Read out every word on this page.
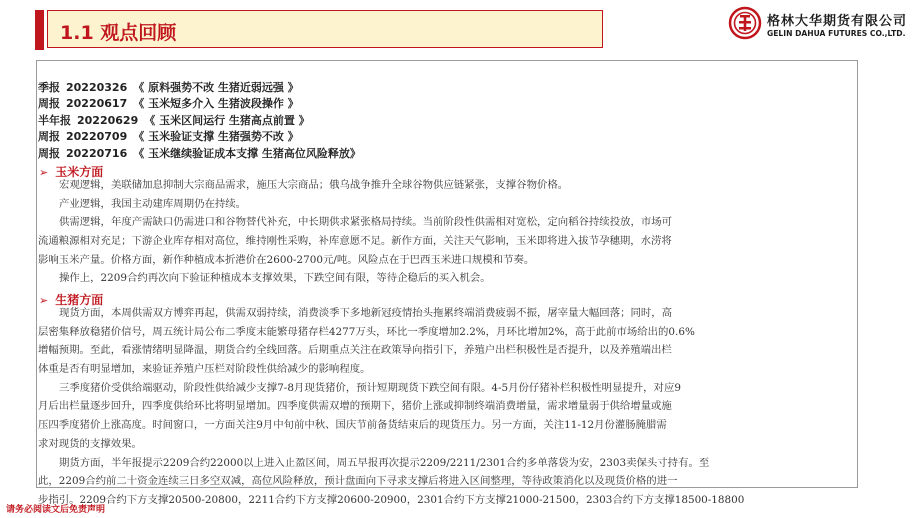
1.1 观点回顾
格林大华期货有限公司
GELIN DAHUA FUTURES CO.,LTD.
季报 20220326 《 原料强势不改 生猪近弱远强 》
周报 20220617 《 玉米短多介入 生猪波段操作 》
半年报 20220629 《 玉米区间运行 生猪高点前置 》
周报 20220709 《 玉米验证支撑 生猪强势不改 》
周报 20220716 《 玉米继续验证成本支撑 生猪高位风险释放》
➢ 玉米方面

宏观逻辑，美联储加息抑制大宗商品需求，施压大宗商品；俄乌战争推升全球谷物供应链紧张，支撑谷物价格。

产业逻辑，我国主动建库周期仍在持续。

供需逻辑，年度产需缺口仍需进口和谷物替代补充，中长期供求紧张格局持续。当前阶段性供需相对宽松，定向稻谷持续投放，市场可

流通粮源相对充足；下游企业库存相对高位，维持刚性采购，补库意愿不足。新作方面，关注天气影响，玉米即将进入拔节孕穗期，水涝将

影响玉米产量。价格方面，新作种植成本折港价在2600-2700元/吨。风险点在于巴西玉米进口规模和节奏。

操作上，2209合约再次向下验证种植成本支撑效果，下跌空间有限，等待企稳后的买入机会。

➢ 生猪方面

现货方面，本周供需双方博弈再起，供需双弱持续，消费淡季下多地新冠疫情抬头拖累终端消费疲弱不振，屠宰量大幅回落；同时，高

层密集释放稳猪价信号，周五统计局公布二季度末能繁母猪存栏4277万头，环比一季度增加2.2%，月环比增加2%，高于此前市场给出的0.6%

增幅预期。至此，看涨情绪明显降温，期货合约全线回落。后期重点关注在政策导向指引下，养殖户出栏积极性是否提升，以及养殖端出栏

体重是否有明显增加，来验证养殖户压栏对阶段性供给减少的影响程度。

三季度猪价受供给端驱动，阶段性供给减少支撑7-8月现货猪价，预计短期现货下跌空间有限。4-5月份仔猪补栏积极性明显提升，对应9

月后出栏量逐步回升，四季度供给环比将明显增加。四季度供需双增的预期下，猪价上涨或抑制终端消费增量，需求增量弱于供给增量或施

压四季度猪价上涨高度。时间窗口，一方面关注9月中旬前中秋、国庆节前备货结束后的现货压力。另一方面，关注11-12月份灌肠腌腊需

求对现货的支撑效果。

期货方面，半年报提示2209合约22000以上进入止盈区间，周五早报再次提示2209/2211/2301合约多单落袋为安，2303卖保头寸持有。至

此，2209合约前二十资金连续三日多空双减，高位风险释放，预计盘面向下寻求支撑后将进入区间整理，等待政策消化以及现货价格的进一

步指引。2209合约下方支撑20500-20800，2211合约下方支撑20600-20900，2301合约下方支撑21000-21500，2303合约下方支撑18500-18800

请务必阅读文后免责声明
